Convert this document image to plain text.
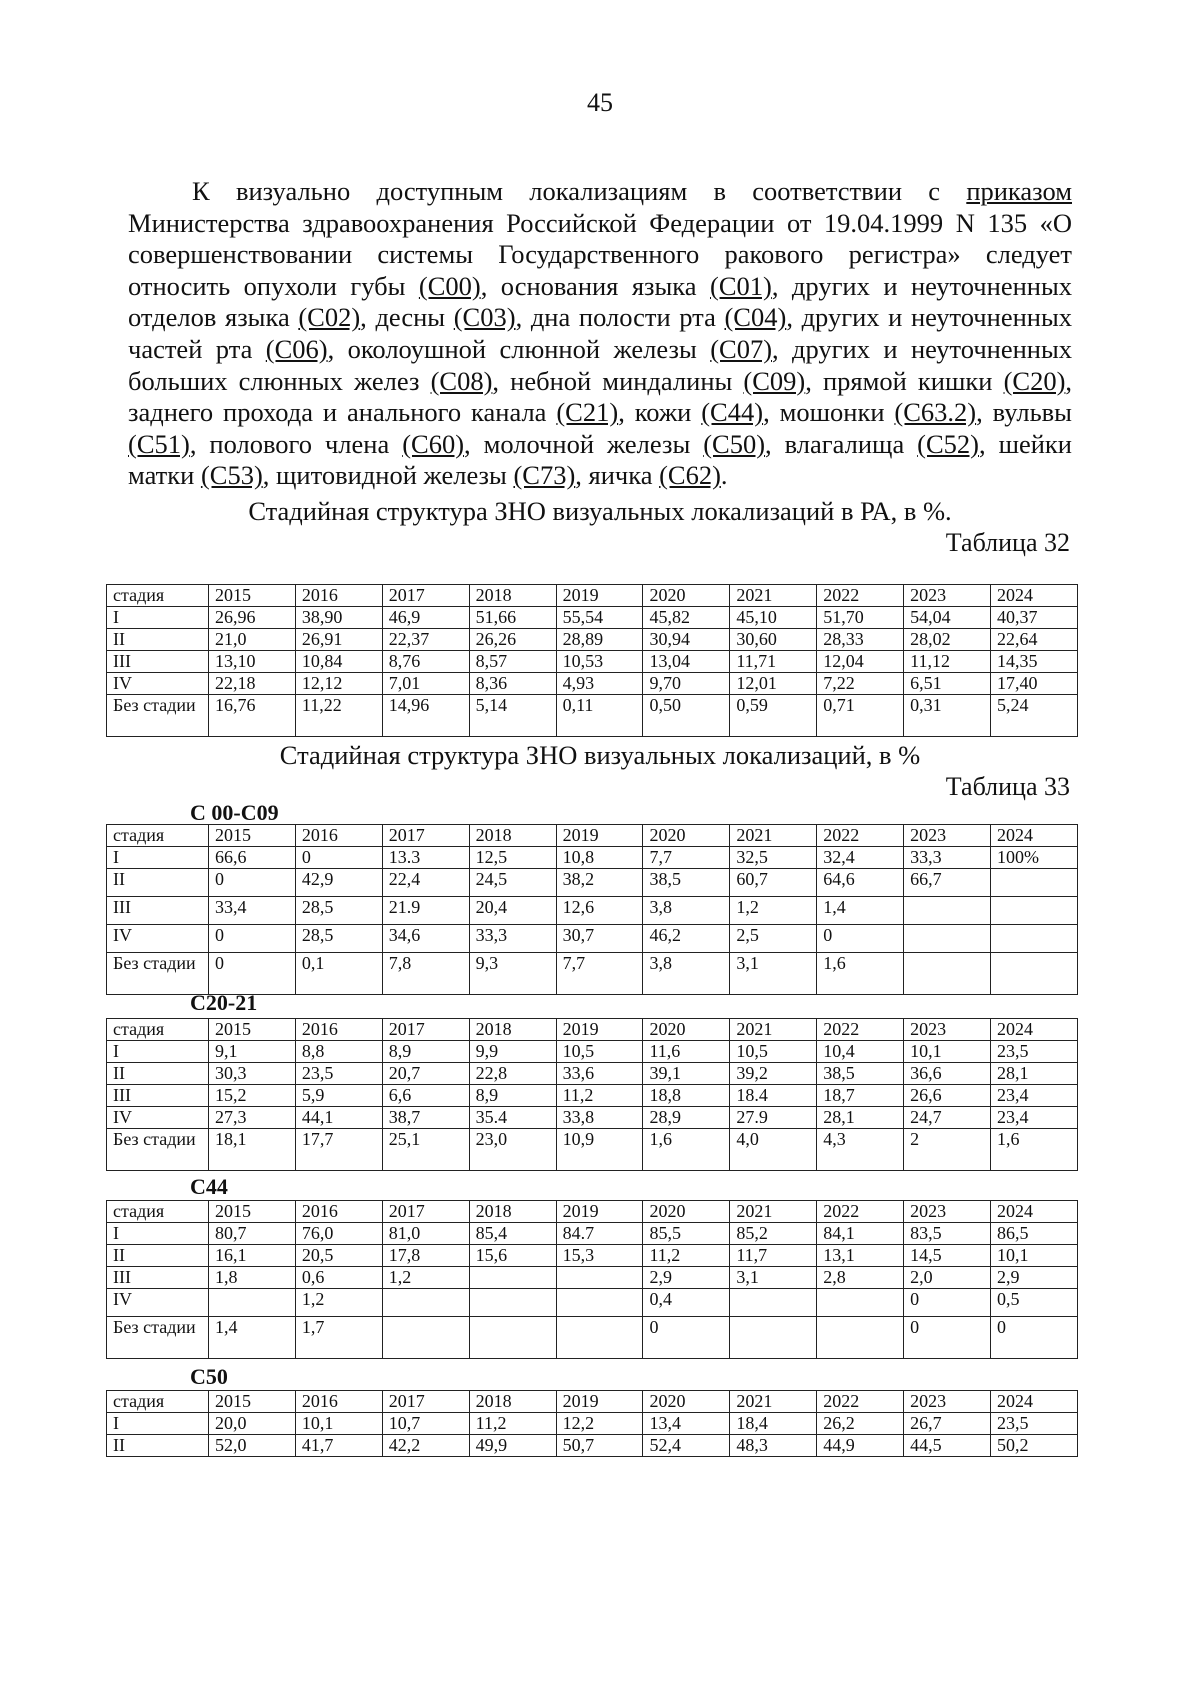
45

К визуально доступным локализациям в соответствии с приказом Министерства здравоохранения Российской Федерации от 19.04.1999 N 135 «О совершенствовании системы Государственного ракового регистра» следует относить опухоли губы (С00), основания языка (С01), других и неуточненных отделов языка (С02), десны (С03), дна полости рта (С04), других и неуточненных частей рта (С06), околоушной слюнной железы (С07), других и неуточненных больших слюнных желез (С08), небной миндалины (С09), прямой кишки (С20), заднего прохода и анального канала (С21), кожи (С44), мошонки (С63.2), вульвы (С51), полового члена (С60), молочной железы (С50), влагалища (С52), шейки матки (С53), щитовидной железы (С73), яичка (С62).

Стадийная структура ЗНО визуальных локализаций в РА, в %.
Таблица 32
стадия	2015	2016	2017	2018	2019	2020	2021	2022	2023	2024
I	26,96	38,90	46,9	51,66	55,54	45,82	45,10	51,70	54,04	40,37
II	21,0	26,91	22,37	26,26	28,89	30,94	30,60	28,33	28,02	22,64
III	13,10	10,84	8,76	8,57	10,53	13,04	11,71	12,04	11,12	14,35
IV	22,18	12,12	7,01	8,36	4,93	9,70	12,01	7,22	6,51	17,40
Без стадии	16,76	11,22	14,96	5,14	0,11	0,50	0,59	0,71	0,31	5,24
Стадийная структура ЗНО визуальных локализаций, в %
Таблица 33
С 00-С09
стадия	2015	2016	2017	2018	2019	2020	2021	2022	2023	2024
I	66,6	0	13.3	12,5	10,8	7,7	32,5	32,4	33,3	100%
II	0	42,9	22,4	24,5	38,2	38,5	60,7	64,6	66,7	
III	33,4	28,5	21.9	20,4	12,6	3,8	1,2	1,4		
IV	0	28,5	34,6	33,3	30,7	46,2	2,5	0		
Без стадии	0	0,1	7,8	9,3	7,7	3,8	3,1	1,6		
С20-21
стадия	2015	2016	2017	2018	2019	2020	2021	2022	2023	2024
I	9,1	8,8	8,9	9,9	10,5	11,6	10,5	10,4	10,1	23,5
II	30,3	23,5	20,7	22,8	33,6	39,1	39,2	38,5	36,6	28,1
III	15,2	5,9	6,6	8,9	11,2	18,8	18.4	18,7	26,6	23,4
IV	27,3	44,1	38,7	35.4	33,8	28,9	27.9	28,1	24,7	23,4
Без стадии	18,1	17,7	25,1	23,0	10,9	1,6	4,0	4,3	2	1,6
С44
стадия	2015	2016	2017	2018	2019	2020	2021	2022	2023	2024
I	80,7	76,0	81,0	85,4	84.7	85,5	85,2	84,1	83,5	86,5
II	16,1	20,5	17,8	15,6	15,3	11,2	11,7	13,1	14,5	10,1
III	1,8	0,6	1,2			2,9	3,1	2,8	2,0	2,9
IV		1,2				0,4			0	0,5
Без стадии	1,4	1,7				0			0	0
С50
стадия	2015	2016	2017	2018	2019	2020	2021	2022	2023	2024
I	20,0	10,1	10,7	11,2	12,2	13,4	18,4	26,2	26,7	23,5
II	52,0	41,7	42,2	49,9	50,7	52,4	48,3	44,9	44,5	50,2
